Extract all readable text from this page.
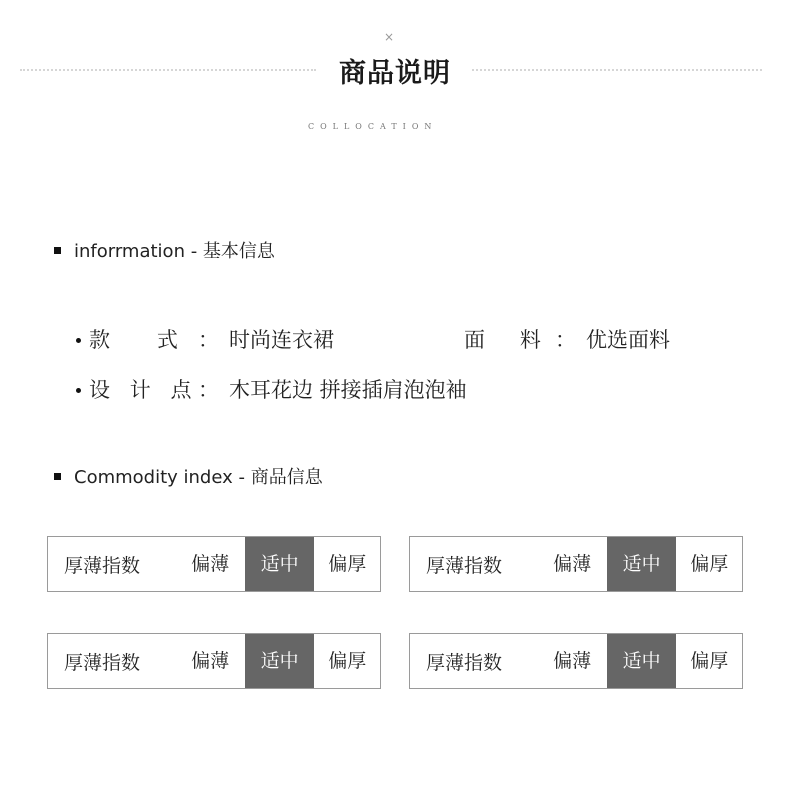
×
商品说明
COLLOCATION
inforrmation - 基本信息
款 式： 时尚连衣裙	面 料： 优选面料
设 计 点： 木耳花边 拼接插肩泡泡袖
Commodity index - 商品信息
厚薄指数	偏薄	适中	偏厚	厚薄指数	偏薄	适中	偏厚
厚薄指数	偏薄	适中	偏厚	厚薄指数	偏薄	适中	偏厚
